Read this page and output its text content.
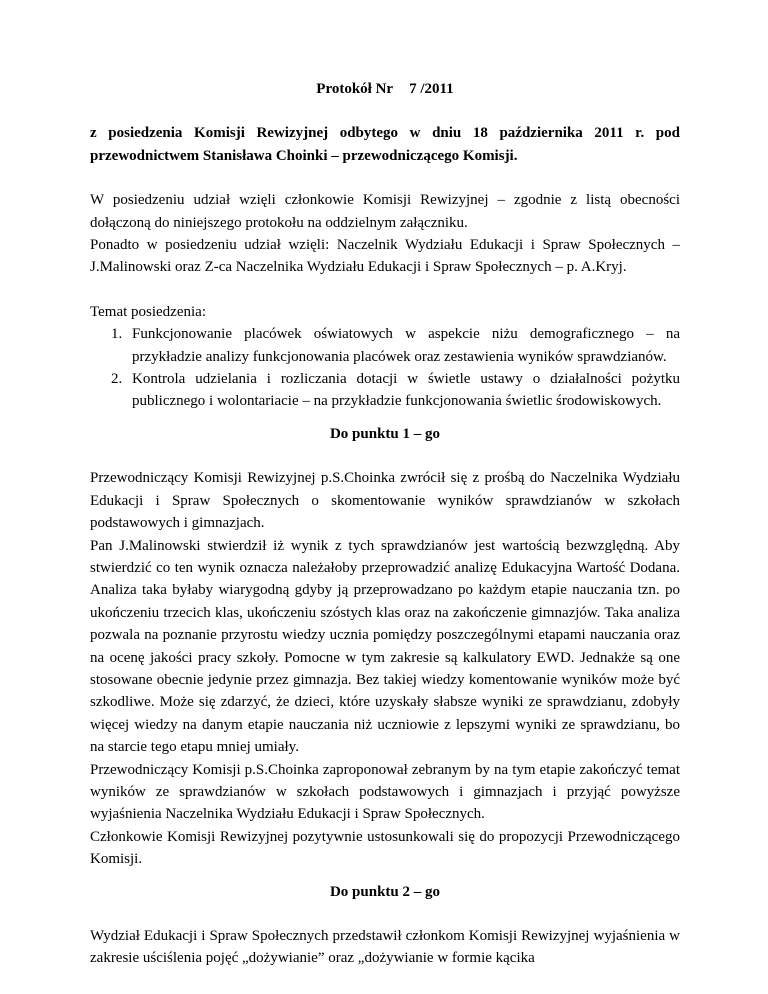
Protokół Nr 7 /2011

z posiedzenia Komisji Rewizyjnej odbytego w dniu 18 października 2011 r. pod przewodnictwem Stanisława Choinki – przewodniczącego Komisji.

W posiedzeniu udział wzięli członkowie Komisji Rewizyjnej – zgodnie z listą obecności dołączoną do niniejszego protokołu na oddzielnym załączniku.

Ponadto w posiedzeniu udział wzięli: Naczelnik Wydziału Edukacji i Spraw Społecznych – J.Malinowski oraz Z-ca Naczelnika Wydziału Edukacji i Spraw Społecznych – p. A.Kryj.

Temat posiedzenia:

1. Funkcjonowanie placówek oświatowych w aspekcie niżu demograficznego – na przykładzie analizy funkcjonowania placówek oraz zestawienia wyników sprawdzianów.
2. Kontrola udzielania i rozliczania dotacji w świetle ustawy o działalności pożytku publicznego i wolontariacie – na przykładzie funkcjonowania świetlic środowiskowych.
Do punktu 1 – go

Przewodniczący Komisji Rewizyjnej p.S.Choinka zwrócił się z prośbą do Naczelnika Wydziału Edukacji i Spraw Społecznych o skomentowanie wyników sprawdzianów w szkołach podstawowych i gimnazjach.

Pan J.Malinowski stwierdził iż wynik z tych sprawdzianów jest wartością bezwzględną. Aby stwierdzić co ten wynik oznacza należałoby przeprowadzić analizę Edukacyjna Wartość Dodana. Analiza taka byłaby wiarygodną gdyby ją przeprowadzano po każdym etapie nauczania tzn. po ukończeniu trzecich klas, ukończeniu szóstych klas oraz na zakończenie gimnazjów. Taka analiza pozwala na poznanie przyrostu wiedzy ucznia pomiędzy poszczególnymi etapami nauczania oraz na ocenę jakości pracy szkoły. Pomocne w tym zakresie są kalkulatory EWD. Jednakże są one stosowane obecnie jedynie przez gimnazja. Bez takiej wiedzy komentowanie wyników może być szkodliwe. Może się zdarzyć, że dzieci, które uzyskały słabsze wyniki ze sprawdzianu, zdobyły więcej wiedzy na danym etapie nauczania niż uczniowie z lepszymi wyniki ze sprawdzianu, bo na starcie tego etapu mniej umiały.

Przewodniczący Komisji p.S.Choinka zaproponował zebranym by na tym etapie zakończyć temat wyników ze sprawdzianów w szkołach podstawowych i gimnazjach i przyjąć powyższe wyjaśnienia Naczelnika Wydziału Edukacji i Spraw Społecznych.

Członkowie Komisji Rewizyjnej pozytywnie ustosunkowali się do propozycji Przewodniczącego Komisji.

Do punktu 2 – go

Wydział Edukacji i Spraw Społecznych przedstawił członkom Komisji Rewizyjnej wyjaśnienia w zakresie uściślenia pojęć „dożywianie” oraz „dożywianie w formie kącika
